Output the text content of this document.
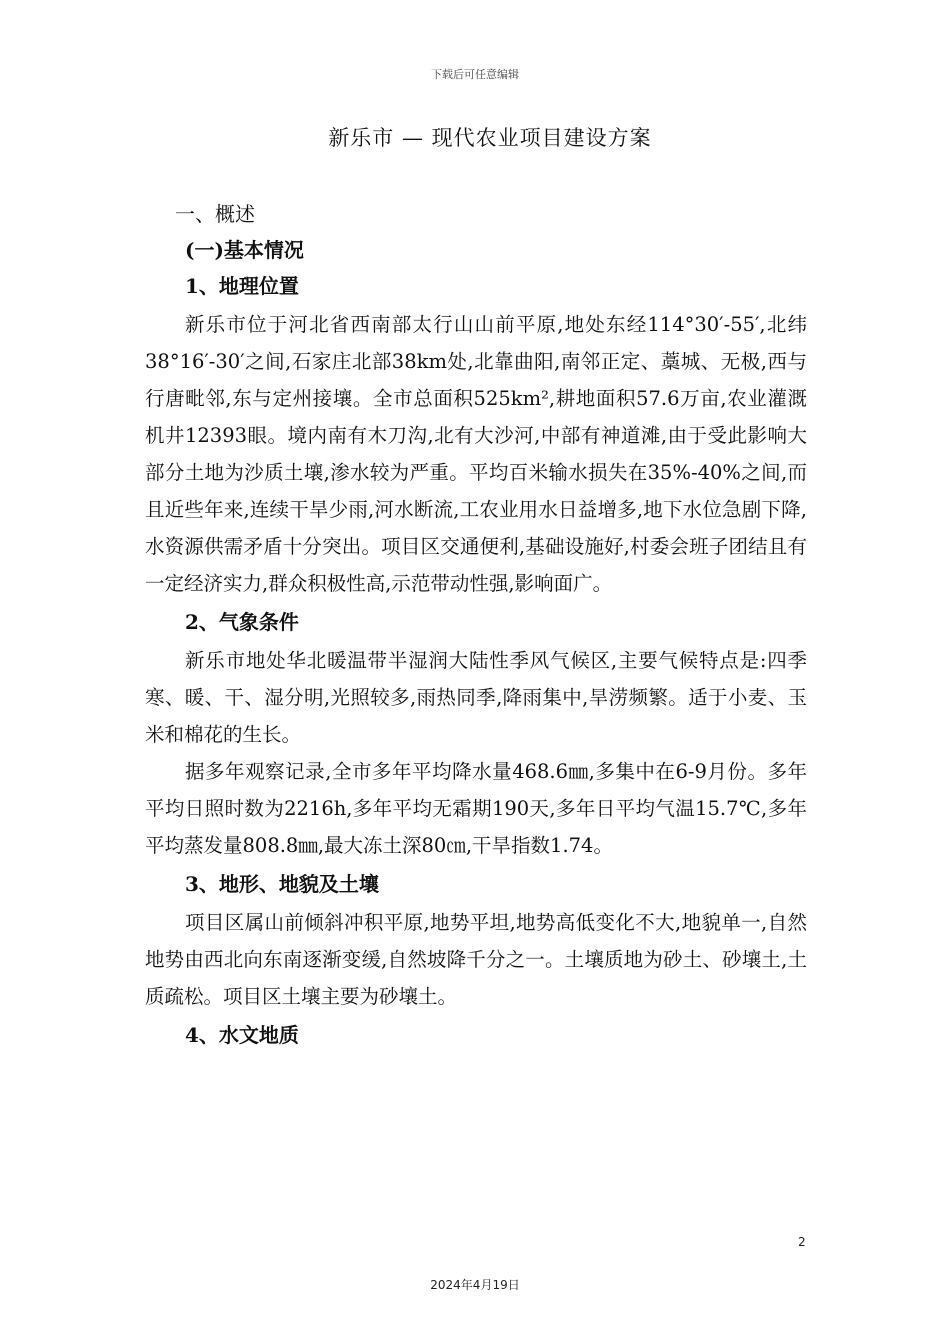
下载后可任意编辑
新乐市 — 现代农业项目建设方案

一、概述

(一)基本情况

1、地理位置

新乐市位于河北省西南部太行山山前平原,地处东经114°30′-55′,北纬38°16′-30′之间,石家庄北部38km处,北靠曲阳,南邻正定、藁城、无极,西与行唐毗邻,东与定州接壤。全市总面积525km²,耕地面积57.6万亩,农业灌溉机井12393眼。境内南有木刀沟,北有大沙河,中部有神道滩,由于受此影响大部分土地为沙质土壤,渗水较为严重。平均百米输水损失在35%-40%之间,而且近些年来,连续干旱少雨,河水断流,工农业用水日益增多,地下水位急剧下降,水资源供需矛盾十分突出。项目区交通便利,基础设施好,村委会班子团结且有一定经济实力,群众积极性高,示范带动性强,影响面广。

2、气象条件

新乐市地处华北暖温带半湿润大陆性季风气候区,主要气候特点是:四季寒、暖、干、湿分明,光照较多,雨热同季,降雨集中,旱涝频繁。适于小麦、玉米和棉花的生长。

据多年观察记录,全市多年平均降水量468.6㎜,多集中在6-9月份。多年平均日照时数为2216h,多年平均无霜期190天,多年日平均气温15.7℃,多年平均蒸发量808.8㎜,最大冻土深80㎝,干旱指数1.74。

3、地形、地貌及土壤

项目区属山前倾斜冲积平原,地势平坦,地势高低变化不大,地貌单一,自然地势由西北向东南逐渐变缓,自然坡降千分之一。土壤质地为砂土、砂壤土,土质疏松。项目区土壤主要为砂壤土。

4、水文地质

2
2024年4月19日
